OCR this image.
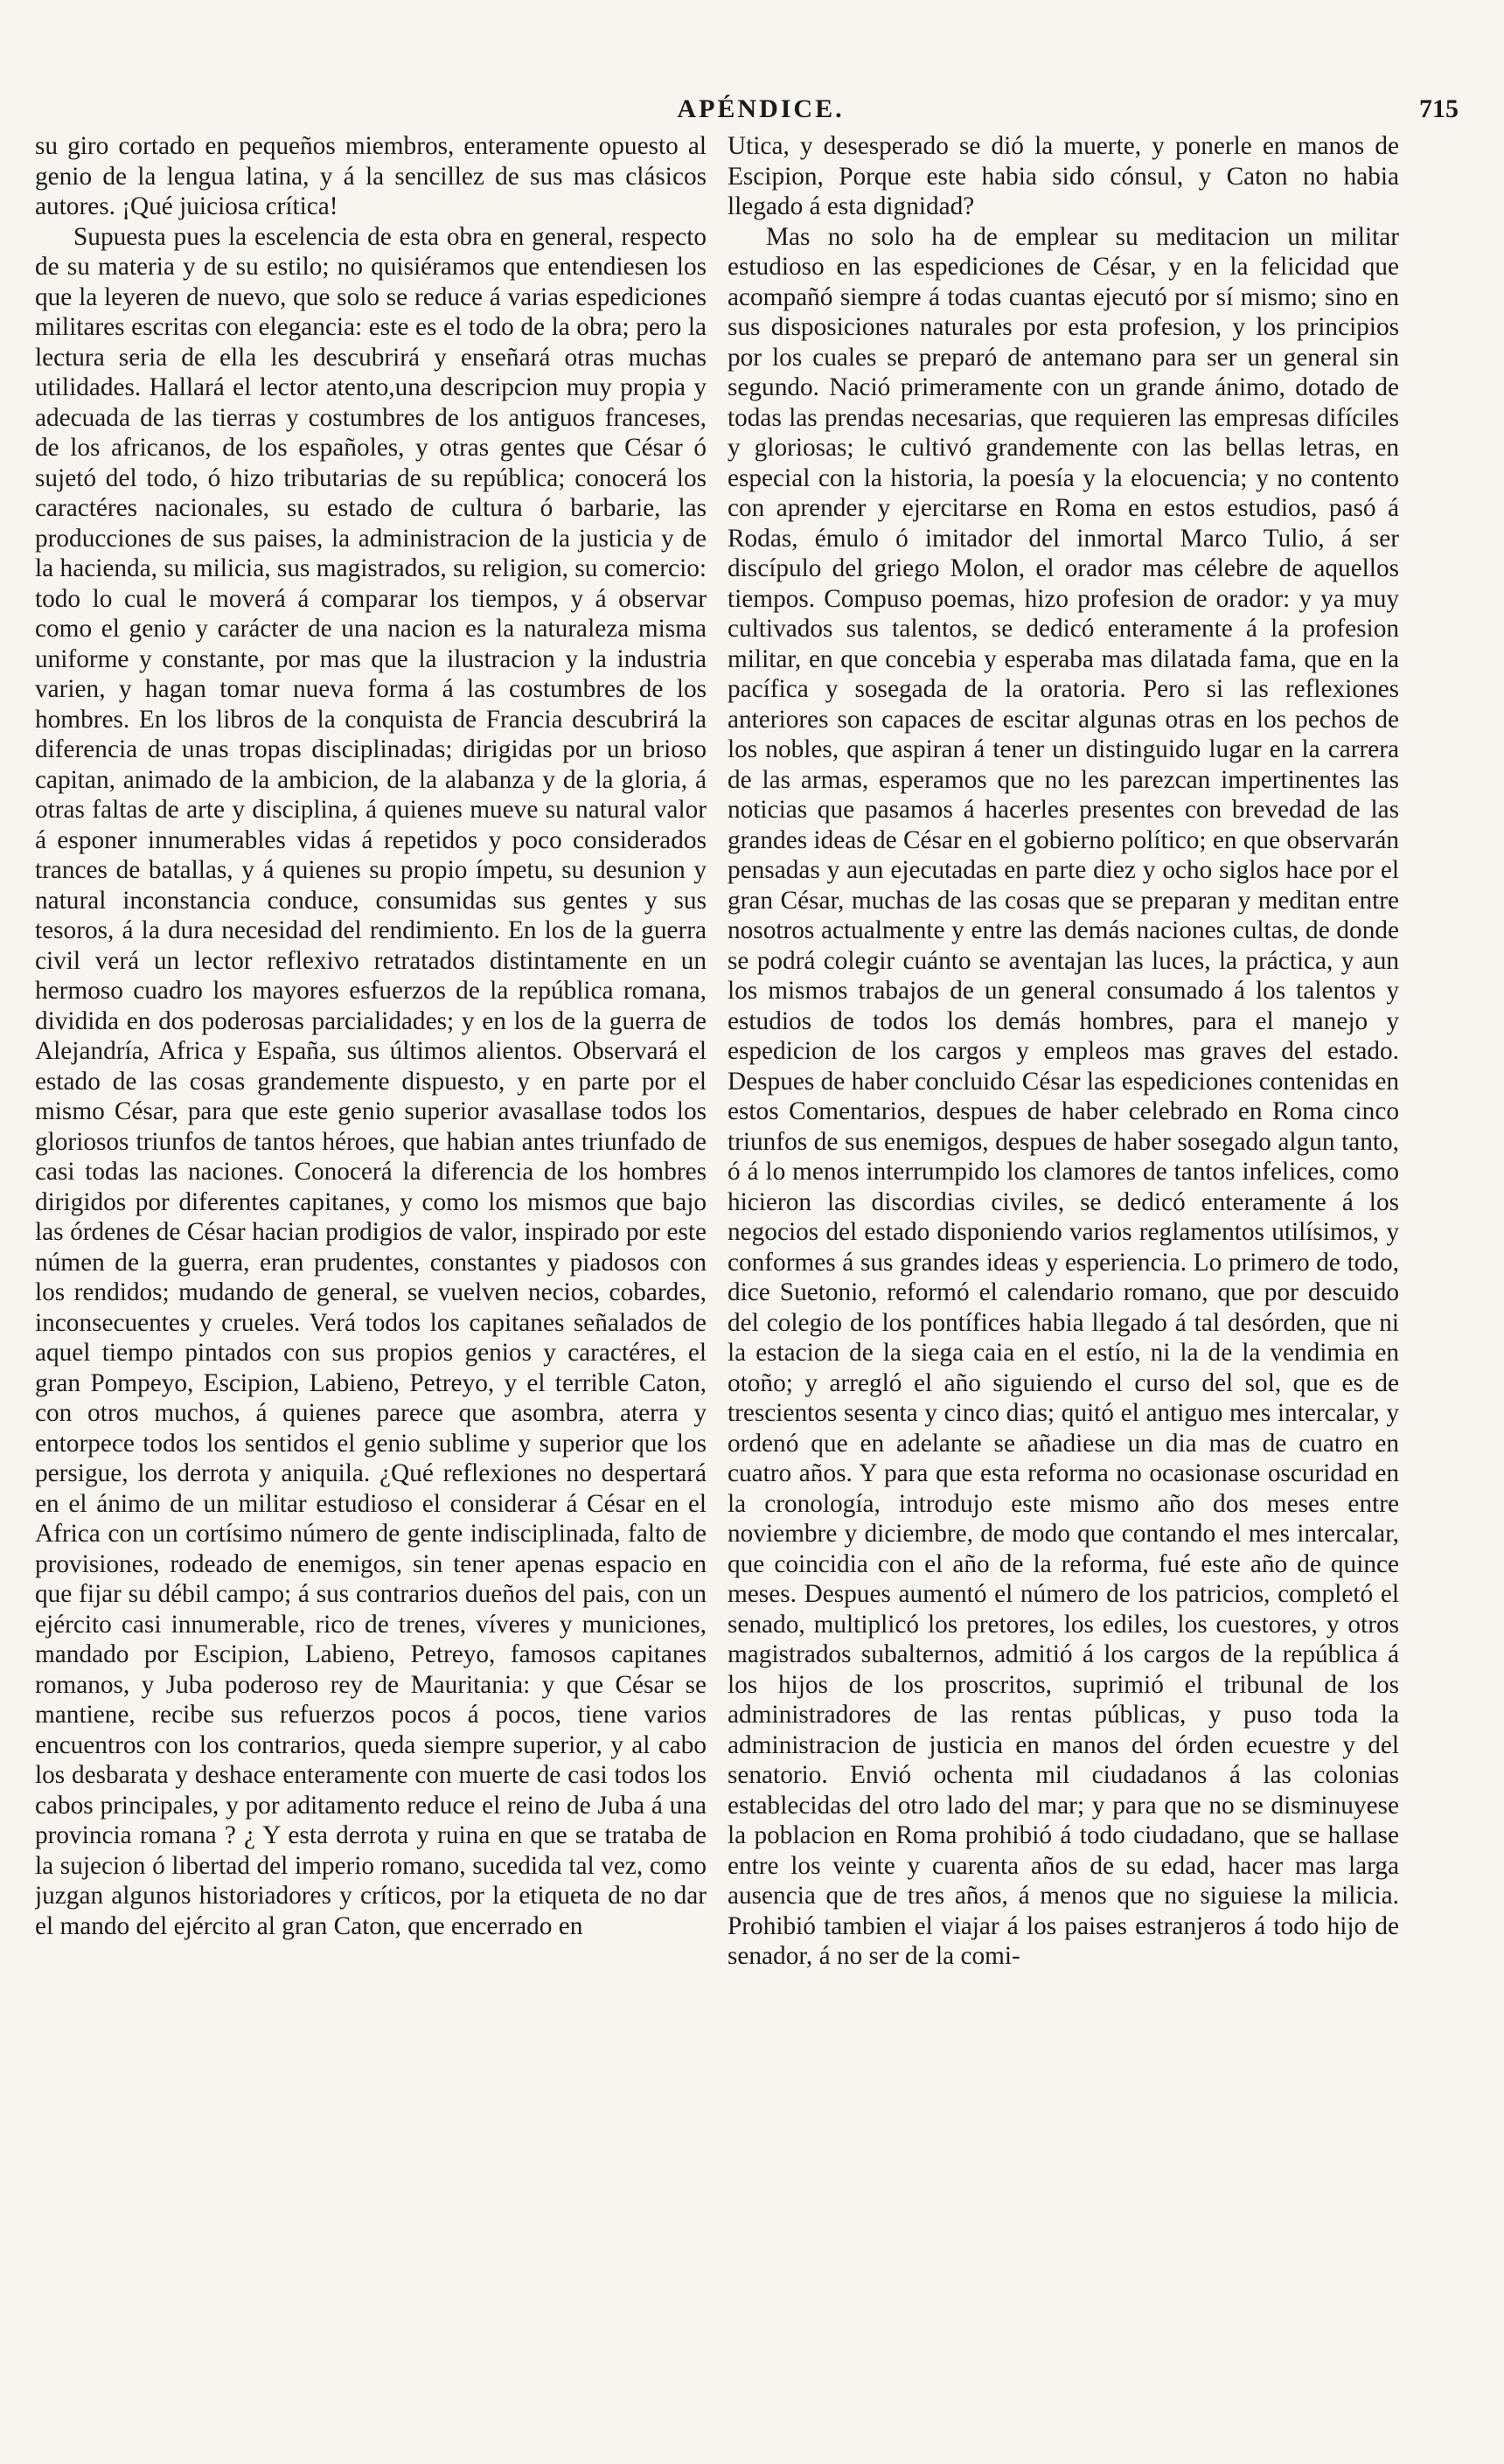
APÉNDICE.	715

su giro cortado en pequeños miembros, enteramente opuesto al genio de la lengua latina, y á la sencillez de sus mas clásicos autores. ¡Qué juiciosa crítica!

Supuesta pues la escelencia de esta obra en general, respecto de su materia y de su estilo; no quisiéramos que entendiesen los que la leyeren de nuevo, que solo se reduce á varias espediciones militares escritas con elegancia: este es el todo de la obra; pero la lectura seria de ella les descubrirá y enseñará otras muchas utilidades. Hallará el lector atento,una descripcion muy propia y adecuada de las tierras y costumbres de los antiguos franceses, de los africanos, de los españoles, y otras gentes que César ó sujetó del todo, ó hizo tributarias de su república; conocerá los caractéres nacionales, su estado de cultura ó barbarie, las producciones de sus paises, la administracion de la justicia y de la hacienda, su milicia, sus magistrados, su religion, su comercio: todo lo cual le moverá á comparar los tiempos, y á observar como el genio y carácter de una nacion es la naturaleza misma uniforme y constante, por mas que la ilustracion y la industria varien, y hagan tomar nueva forma á las costumbres de los hombres. En los libros de la conquista de Francia descubrirá la diferencia de unas tropas disciplinadas; dirigidas por un brioso capitan, animado de la ambicion, de la alabanza y de la gloria, á otras faltas de arte y disciplina, á quienes mueve su natural valor á esponer innumerables vidas á repetidos y poco considerados trances de batallas, y á quienes su propio ímpetu, su desunion y natural inconstancia conduce, consumidas sus gentes y sus tesoros, á la dura necesidad del rendimiento. En los de la guerra civil verá un lector reflexivo retratados distintamente en un hermoso cuadro los mayores esfuerzos de la república romana, dividida en dos poderosas parcialidades; y en los de la guerra de Alejandría, Africa y España, sus últimos alientos. Observará el estado de las cosas grandemente dispuesto, y en parte por el mismo César, para que este genio superior avasallase todos los gloriosos triunfos de tantos héroes, que habian antes triunfado de casi todas las naciones. Conocerá la diferencia de los hombres dirigidos por diferentes capitanes, y como los mismos que bajo las órdenes de César hacian prodigios de valor, inspirado por este númen de la guerra, eran prudentes, constantes y piadosos con los rendidos; mudando de general, se vuelven necios, cobardes, inconsecuentes y crueles. Verá todos los capitanes señalados de aquel tiempo pintados con sus propios genios y caractéres, el gran Pompeyo, Escipion, Labieno, Petreyo, y el terrible Caton, con otros muchos, á quienes parece que asombra, aterra y entorpece todos los sentidos el genio sublime y superior que los persigue, los derrota y aniquila. ¿Qué reflexiones no despertará en el ánimo de un militar estudioso el considerar á César en el Africa con un cortísimo número de gente indisciplinada, falto de provisiones, rodeado de enemigos, sin tener apenas espacio en que fijar su débil campo; á sus contrarios dueños del pais, con un ejército casi innumerable, rico de trenes, víveres y municiones, mandado por Escipion, Labieno, Petreyo, famosos capitanes romanos, y Juba poderoso rey de Mauritania: y que César se mantiene, recibe sus refuerzos pocos á pocos, tiene varios encuentros con los contrarios, queda siempre superior, y al cabo los desbarata y deshace enteramente con muerte de casi todos los cabos principales, y por aditamento reduce el reino de Juba á una provincia romana ? ¿ Y esta derrota y ruina en que se trataba de la sujecion ó libertad del imperio romano, sucedida tal vez, como juzgan algunos historiadores y críticos, por la etiqueta de no dar el mando del ejército al gran Caton, que encerrado en

Utica, y desesperado se dió la muerte, y ponerle en manos de Escipion, Porque este habia sido cónsul, y Caton no habia llegado á esta dignidad?

Mas no solo ha de emplear su meditacion un militar estudioso en las espediciones de César, y en la felicidad que acompañó siempre á todas cuantas ejecutó por sí mismo; sino en sus disposiciones naturales por esta profesion, y los principios por los cuales se preparó de antemano para ser un general sin segundo. Nació primeramente con un grande ánimo, dotado de todas las prendas necesarias, que requieren las empresas difíciles y gloriosas; le cultivó grandemente con las bellas letras, en especial con la historia, la poesía y la elocuencia; y no contento con aprender y ejercitarse en Roma en estos estudios, pasó á Rodas, émulo ó imitador del inmortal Marco Tulio, á ser discípulo del griego Molon, el orador mas célebre de aquellos tiempos. Compuso poemas, hizo profesion de orador: y ya muy cultivados sus talentos, se dedicó enteramente á la profesion militar, en que concebia y esperaba mas dilatada fama, que en la pacífica y sosegada de la oratoria. Pero si las reflexiones anteriores son capaces de escitar algunas otras en los pechos de los nobles, que aspiran á tener un distinguido lugar en la carrera de las armas, esperamos que no les parezcan impertinentes las noticias que pasamos á hacerles presentes con brevedad de las grandes ideas de César en el gobierno político; en que observarán pensadas y aun ejecutadas en parte diez y ocho siglos hace por el gran César, muchas de las cosas que se preparan y meditan entre nosotros actualmente y entre las demás naciones cultas, de donde se podrá colegir cuánto se aventajan las luces, la práctica, y aun los mismos trabajos de un general consumado á los talentos y estudios de todos los demás hombres, para el manejo y espedicion de los cargos y empleos mas graves del estado. Despues de haber concluido César las espediciones contenidas en estos Comentarios, despues de haber celebrado en Roma cinco triunfos de sus enemigos, despues de haber sosegado algun tanto, ó á lo menos interrumpido los clamores de tantos infelices, como hicieron las discordias civiles, se dedicó enteramente á los negocios del estado disponiendo varios reglamentos utilísimos, y conformes á sus grandes ideas y esperiencia. Lo primero de todo, dice Suetonio, reformó el calendario romano, que por descuido del colegio de los pontífices habia llegado á tal desórden, que ni la estacion de la siega caia en el estío, ni la de la vendimia en otoño; y arregló el año siguiendo el curso del sol, que es de trescientos sesenta y cinco dias; quitó el antiguo mes intercalar, y ordenó que en adelante se añadiese un dia mas de cuatro en cuatro años. Y para que esta reforma no ocasionase oscuridad en la cronología, introdujo este mismo año dos meses entre noviembre y diciembre, de modo que contando el mes intercalar, que coincidia con el año de la reforma, fué este año de quince meses. Despues aumentó el número de los patricios, completó el senado, multiplicó los pretores, los ediles, los cuestores, y otros magistrados subalternos, admitió á los cargos de la república á los hijos de los proscritos, suprimió el tribunal de los administradores de las rentas públicas, y puso toda la administracion de justicia en manos del órden ecuestre y del senatorio. Envió ochenta mil ciudadanos á las colonias establecidas del otro lado del mar; y para que no se disminuyese la poblacion en Roma prohibió á todo ciudadano, que se hallase entre los veinte y cuarenta años de su edad, hacer mas larga ausencia que de tres años, á menos que no siguiese la milicia. Prohibió tambien el viajar á los paises estranjeros á todo hijo de senador, á no ser de la comi-
